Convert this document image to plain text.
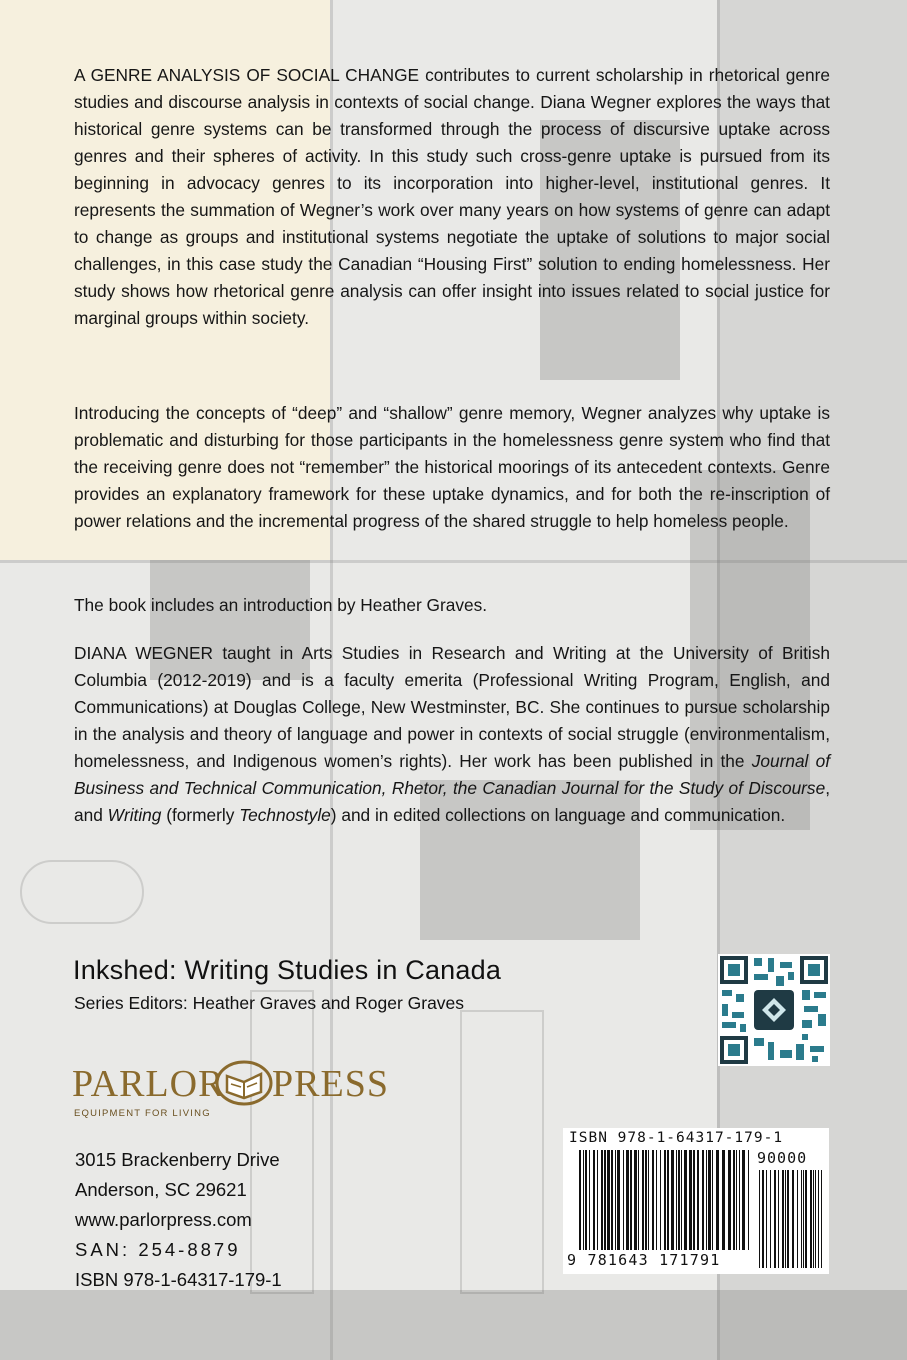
A GENRE ANALYSIS OF SOCIAL CHANGE contributes to current scholarship in rhetorical genre studies and discourse analysis in contexts of social change. Diana Wegner explores the ways that historical genre systems can be transformed through the process of discursive uptake across genres and their spheres of activity. In this study such cross-genre uptake is pursued from its beginning in advocacy genres to its incorporation into higher-level, institutional genres. It represents the summation of Wegner’s work over many years on how systems of genre can adapt to change as groups and institutional systems negotiate the uptake of solutions to major social challenges, in this case study the Canadian “Housing First” solution to ending homelessness. Her study shows how rhetorical genre analysis can offer insight into issues related to social justice for marginal groups within society.

Introducing the concepts of “deep” and “shallow” genre memory, Wegner analyzes why uptake is problematic and disturbing for those participants in the homelessness genre system who find that the receiving genre does not “remember” the historical moorings of its antecedent contexts. Genre provides an explanatory framework for these uptake dynamics, and for both the re-inscription of power relations and the incremental progress of the shared struggle to help homeless people.

The book includes an introduction by Heather Graves.

DIANA WEGNER taught in Arts Studies in Research and Writing at the University of British Columbia (2012-2019) and is a faculty emerita (Professional Writing Program, English, and Communications) at Douglas College, New Westminster, BC. She continues to pursue scholarship in the analysis and theory of language and power in contexts of social struggle (environmentalism, homelessness, and Indigenous women’s rights). Her work has been published in the Journal of Business and Technical Communication, Rhetor, the Canadian Journal for the Study of Discourse, and Writing (formerly Technostyle) and in edited collections on language and communication.

Inkshed: Writing Studies in Canada
Series Editors: Heather Graves and Roger Graves
PARLOR PRESS
EQUIPMENT FOR LIVING
3015 Brackenberry Drive
Anderson, SC 29621
www.parlorpress.com
SAN: 254-8879
ISBN 978-1-64317-179-1
ISBN 978-1-64317-179-1
90000
9 781643 171791
